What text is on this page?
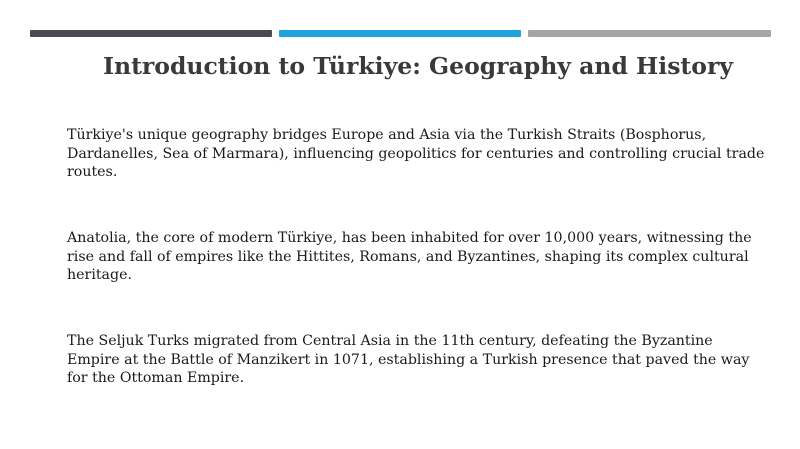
Introduction to Türkiye: Geography and History

Türkiye's unique geography bridges Europe and Asia via the Turkish Straits (Bosphorus, Dardanelles, Sea of Marmara), influencing geopolitics for centuries and controlling crucial trade routes.

Anatolia, the core of modern Türkiye, has been inhabited for over 10,000 years, witnessing the rise and fall of empires like the Hittites, Romans, and Byzantines, shaping its complex cultural heritage.

The Seljuk Turks migrated from Central Asia in the 11th century, defeating the Byzantine Empire at the Battle of Manzikert in 1071, establishing a Turkish presence that paved the way for the Ottoman Empire.
